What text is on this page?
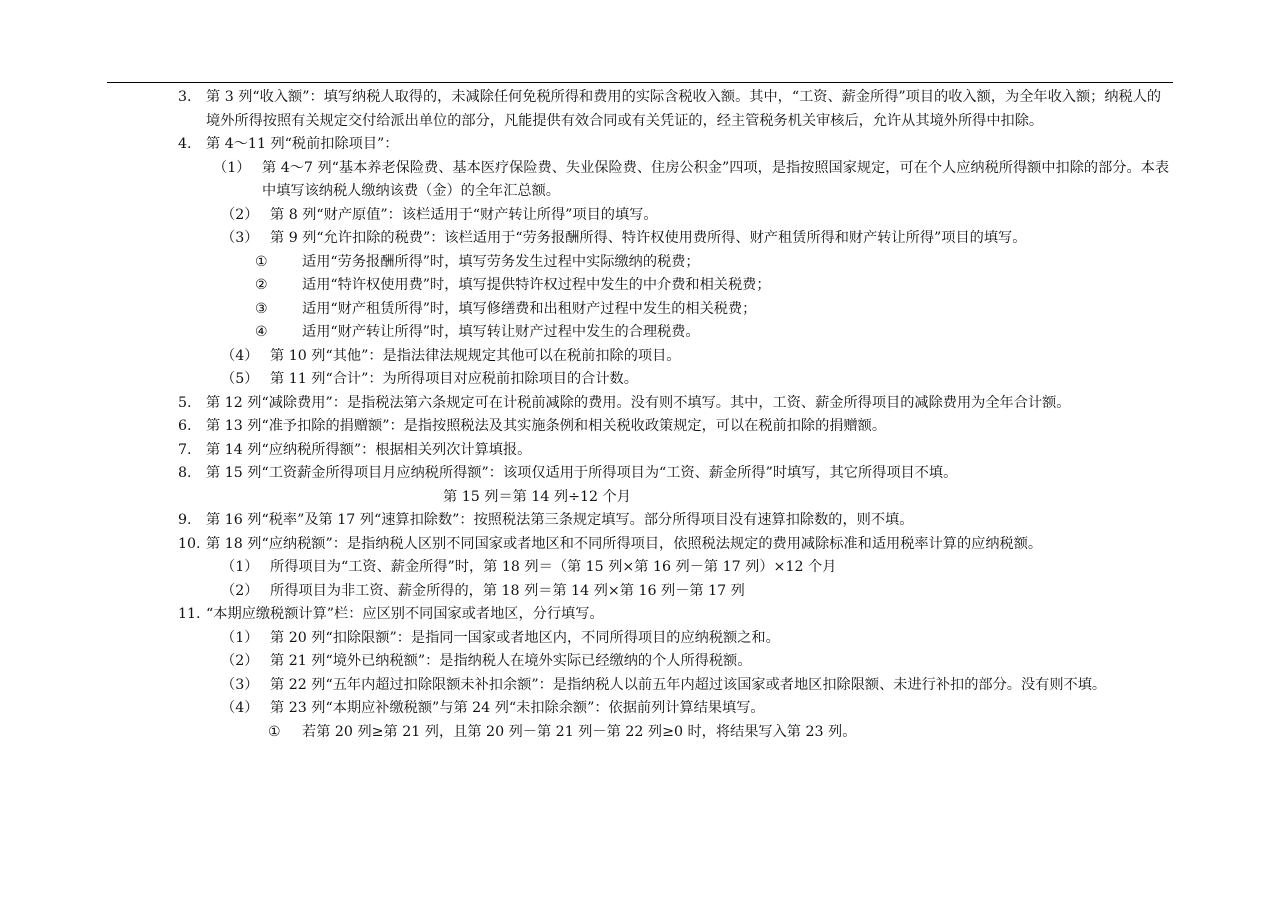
3.	第 3 列“收入额”：填写纳税人取得的，未减除任何免税所得和费用的实际含税收入额。其中，“工资、薪金所得”项目的收入额，为全年收入额；纳税人的境外所得按照有关规定交付给派出单位的部分，凡能提供有效合同或有关凭证的，经主管税务机关审核后，允许从其境外所得中扣除。
4.	第 4～11 列“税前扣除项目”：
（1） 第 4～7 列“基本养老保险费、基本医疗保险费、失业保险费、住房公积金”四项，是指按照国家规定，可在个人应纳税所得额中扣除的部分。本表中填写该纳税人缴纳该费（金）的全年汇总额。
（2） 第 8 列“财产原值”：该栏适用于“财产转让所得”项目的填写。
（3） 第 9 列“允许扣除的税费”：该栏适用于“劳务报酬所得、特许权使用费所得、财产租赁所得和财产转让所得”项目的填写。
①	适用“劳务报酬所得”时，填写劳务发生过程中实际缴纳的税费；
②	适用“特许权使用费”时，填写提供特许权过程中发生的中介费和相关税费；
③	适用“财产租赁所得”时，填写修缮费和出租财产过程中发生的相关税费；
④	适用“财产转让所得”时，填写转让财产过程中发生的合理税费。
（4） 第 10 列“其他”：是指法律法规规定其他可以在税前扣除的项目。
（5） 第 11 列“合计”：为所得项目对应税前扣除项目的合计数。
5.	第 12 列“减除费用”：是指税法第六条规定可在计税前减除的费用。没有则不填写。其中，工资、薪金所得项目的减除费用为全年合计额。
6.	第 13 列“准予扣除的捐赠额”：是指按照税法及其实施条例和相关税收政策规定，可以在税前扣除的捐赠额。
7.	第 14 列“应纳税所得额”：根据相关列次计算填报。
8.	第 15 列“工资薪金所得项目月应纳税所得额”：该项仅适用于所得项目为“工资、薪金所得”时填写，其它所得项目不填。
第 15 列＝第 14 列÷12 个月
9.	第 16 列“税率”及第 17 列“速算扣除数”：按照税法第三条规定填写。部分所得项目没有速算扣除数的，则不填。
10. 第 18 列“应纳税额”：是指纳税人区别不同国家或者地区和不同所得项目，依照税法规定的费用减除标准和适用税率计算的应纳税额。
（1） 所得项目为“工资、薪金所得”时，第 18 列＝（第 15 列×第 16 列－第 17 列）×12 个月
（2） 所得项目为非工资、薪金所得的，第 18 列＝第 14 列×第 16 列－第 17 列
11. “本期应缴税额计算”栏：应区别不同国家或者地区，分行填写。
（1） 第 20 列“扣除限额”：是指同一国家或者地区内，不同所得项目的应纳税额之和。
（2） 第 21 列“境外已纳税额”：是指纳税人在境外实际已经缴纳的个人所得税额。
（3） 第 22 列“五年内超过扣除限额未补扣余额”：是指纳税人以前五年内超过该国家或者地区扣除限额、未进行补扣的部分。没有则不填。
（4） 第 23 列“本期应补缴税额”与第 24 列“未扣除余额”：依据前列计算结果填写。
①	若第 20 列≥第 21 列，且第 20 列－第 21 列－第 22 列≥0 时，将结果写入第 23 列。
